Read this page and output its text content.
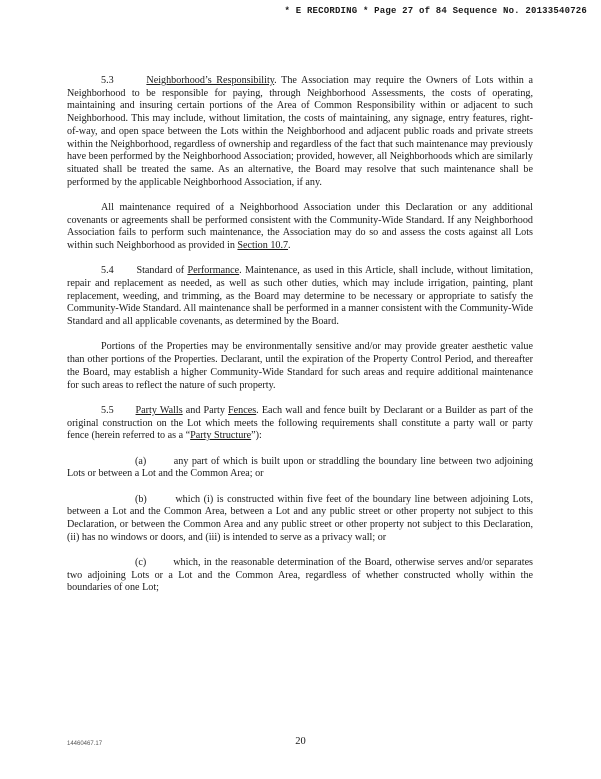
* E RECORDING * Page 27 of 84 Sequence No. 20133540726

5.3	Neighborhood’s Responsibility. The Association may require the Owners of Lots within a Neighborhood to be responsible for paying, through Neighborhood Assessments, the costs of operating, maintaining and insuring certain portions of the Area of Common Responsibility within or adjacent to such Neighborhood. This may include, without limitation, the costs of maintaining, any signage, entry features, right-of-way, and open space between the Lots within the Neighborhood and adjacent public roads and private streets within the Neighborhood, regardless of ownership and regardless of the fact that such maintenance may previously have been performed by the Neighborhood Association; provided, however, all Neighborhoods which are similarly situated shall be treated the same. As an alternative, the Board may resolve that such maintenance shall be performed by the applicable Neighborhood Association, if any.

All maintenance required of a Neighborhood Association under this Declaration or any additional covenants or agreements shall be performed consistent with the Community-Wide Standard. If any Neighborhood Association fails to perform such maintenance, the Association may do so and assess the costs against all Lots within such Neighborhood as provided in Section 10.7.

5.4 Standard of Performance. Maintenance, as used in this Article, shall include, without limitation, repair and replacement as needed, as well as such other duties, which may include irrigation, painting, plant replacement, weeding, and trimming, as the Board may determine to be necessary or appropriate to satisfy the Community-Wide Standard. All maintenance shall be performed in a manner consistent with the Community-Wide Standard and all applicable covenants, as determined by the Board.

Portions of the Properties may be environmentally sensitive and/or may provide greater aesthetic value than other portions of the Properties. Declarant, until the expiration of the Property Control Period, and thereafter the Board, may establish a higher Community-Wide Standard for such areas and require additional maintenance for such areas to reflect the nature of such property.

5.5 Party Walls and Party Fences. Each wall and fence built by Declarant or a Builder as part of the original construction on the Lot which meets the following requirements shall constitute a party wall or party fence (herein referred to as a “Party Structure”):

(a)	any part of which is built upon or straddling the boundary line between two adjoining Lots or between a Lot and the Common Area; or

(b)	which (i) is constructed within five feet of the boundary line between adjoining Lots, between a Lot and the Common Area, between a Lot and any public street or other property not subject to this Declaration, or between the Common Area and any public street or other property not subject to this Declaration, (ii) has no windows or doors, and (iii) is intended to serve as a privacy wall; or

(c)	which, in the reasonable determination of the Board, otherwise serves and/or separates two adjoining Lots or a Lot and the Common Area, regardless of whether constructed wholly within the boundaries of one Lot;

14460467.17	20
